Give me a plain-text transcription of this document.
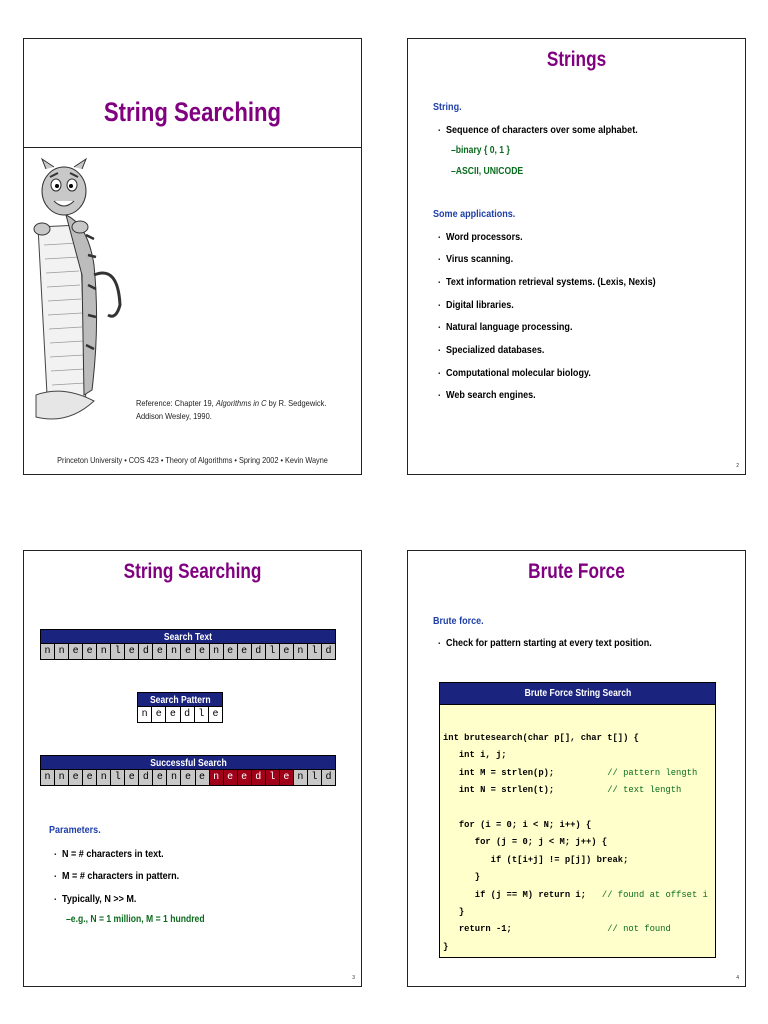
String Searching
Reference: Chapter 19, Algorithms in C by R. Sedgewick.
Addison Wesley, 1990.
Princeton University • COS 423 • Theory of Algorithms • Spring 2002 • Kevin Wayne
Strings
String.
▪ Sequence of characters over some alphabet.
– binary { 0, 1 }
– ASCII, UNICODE
Some applications.
▪ Word processors.
▪ Virus scanning.
▪ Text information retrieval systems. (Lexis, Nexis)
▪ Digital libraries.
▪ Natural language processing.
▪ Specialized databases.
▪ Computational molecular biology.
▪ Web search engines.
2
String Searching
Search Text
n n e e n l e d e n e e n e e d l e n l d
Search Pattern
n e e d l e
Successful Search
n n e e n l e d e n e e n e e d l e n l d
Parameters.
▪ N = # characters in text.
▪ M = # characters in pattern.
▪ Typically, N >> M.
– e.g., N = 1 million, M = 1 hundred
3
Brute Force
Brute force.
▪ Check for pattern starting at every text position.
Brute Force String Search
int brutesearch(char p[], char t[]) {
int i, j;
int M = strlen(p);          // pattern length
int N = strlen(t);          // text length

for (i = 0; i < N; i++) {
for (j = 0; j < M; j++) {
if (t[i+j] != p[j]) break;
}
if (j == M) return i;   // found at offset i
}
return -1;                  // not found
}
4
